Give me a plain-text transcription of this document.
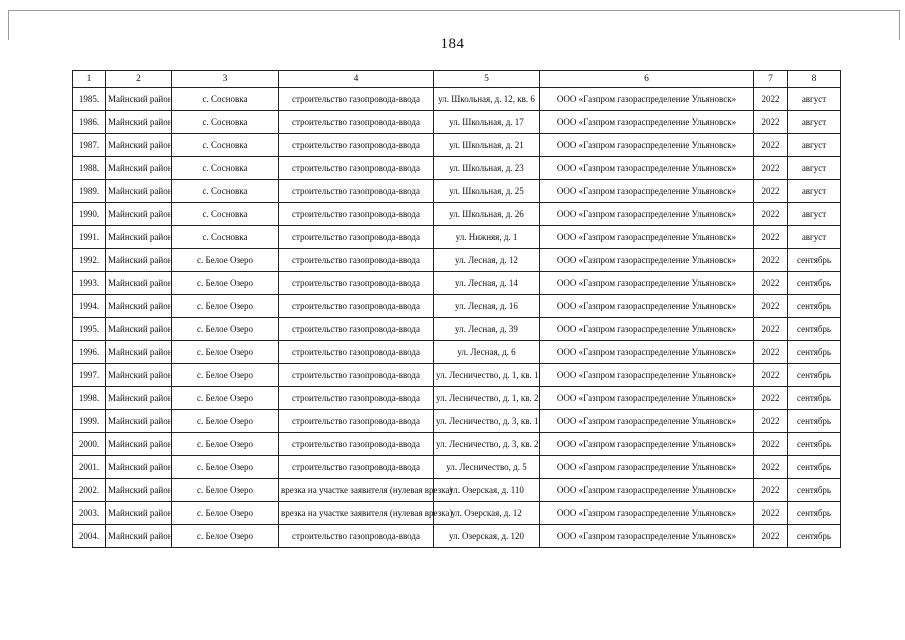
184
1	2	3	4	5	6	7	8
1985.	Майнский район	с. Сосновка	строительство газопровода-ввода	ул. Школьная, д. 12, кв. 6	ООО «Газпром газораспределение Ульяновск»	2022	август
1986.	Майнский район	с. Сосновка	строительство газопровода-ввода	ул. Школьная, д. 17	ООО «Газпром газораспределение Ульяновск»	2022	август
1987.	Майнский район	с. Сосновка	строительство газопровода-ввода	ул. Школьная, д. 21	ООО «Газпром газораспределение Ульяновск»	2022	август
1988.	Майнский район	с. Сосновка	строительство газопровода-ввода	ул. Школьная, д. 23	ООО «Газпром газораспределение Ульяновск»	2022	август
1989.	Майнский район	с. Сосновка	строительство газопровода-ввода	ул. Школьная, д. 25	ООО «Газпром газораспределение Ульяновск»	2022	август
1990.	Майнский район	с. Сосновка	строительство газопровода-ввода	ул. Школьная, д. 26	ООО «Газпром газораспределение Ульяновск»	2022	август
1991.	Майнский район	с. Сосновка	строительство газопровода-ввода	ул. Нижняя, д. 1	ООО «Газпром газораспределение Ульяновск»	2022	август
1992.	Майнский район	с. Белое Озеро	строительство газопровода-ввода	ул. Лесная, д. 12	ООО «Газпром газораспределение Ульяновск»	2022	сентябрь
1993.	Майнский район	с. Белое Озеро	строительство газопровода-ввода	ул. Лесная, д. 14	ООО «Газпром газораспределение Ульяновск»	2022	сентябрь
1994.	Майнский район	с. Белое Озеро	строительство газопровода-ввода	ул. Лесная, д. 16	ООО «Газпром газораспределение Ульяновск»	2022	сентябрь
1995.	Майнский район	с. Белое Озеро	строительство газопровода-ввода	ул. Лесная, д. 39	ООО «Газпром газораспределение Ульяновск»	2022	сентябрь
1996.	Майнский район	с. Белое Озеро	строительство газопровода-ввода	ул. Лесная, д. 6	ООО «Газпром газораспределение Ульяновск»	2022	сентябрь
1997.	Майнский район	с. Белое Озеро	строительство газопровода-ввода	ул. Лесничество, д. 1, кв. 1	ООО «Газпром газораспределение Ульяновск»	2022	сентябрь
1998.	Майнский район	с. Белое Озеро	строительство газопровода-ввода	ул. Лесничество, д. 1, кв. 2	ООО «Газпром газораспределение Ульяновск»	2022	сентябрь
1999.	Майнский район	с. Белое Озеро	строительство газопровода-ввода	ул. Лесничество, д. 3, кв. 1	ООО «Газпром газораспределение Ульяновск»	2022	сентябрь
2000.	Майнский район	с. Белое Озеро	строительство газопровода-ввода	ул. Лесничество, д. 3, кв. 2	ООО «Газпром газораспределение Ульяновск»	2022	сентябрь
2001.	Майнский район	с. Белое Озеро	строительство газопровода-ввода	ул. Лесничество, д. 5	ООО «Газпром газораспределение Ульяновск»	2022	сентябрь
2002.	Майнский район	с. Белое Озеро	врезка на участке заявителя (нулевая врезка)	ул. Озерская, д. 110	ООО «Газпром газораспределение Ульяновск»	2022	сентябрь
2003.	Майнский район	с. Белое Озеро	врезка на участке заявителя (нулевая врезка)	ул. Озерская, д. 12	ООО «Газпром газораспределение Ульяновск»	2022	сентябрь
2004.	Майнский район	с. Белое Озеро	строительство газопровода-ввода	ул. Озерская, д. 120	ООО «Газпром газораспределение Ульяновск»	2022	сентябрь
